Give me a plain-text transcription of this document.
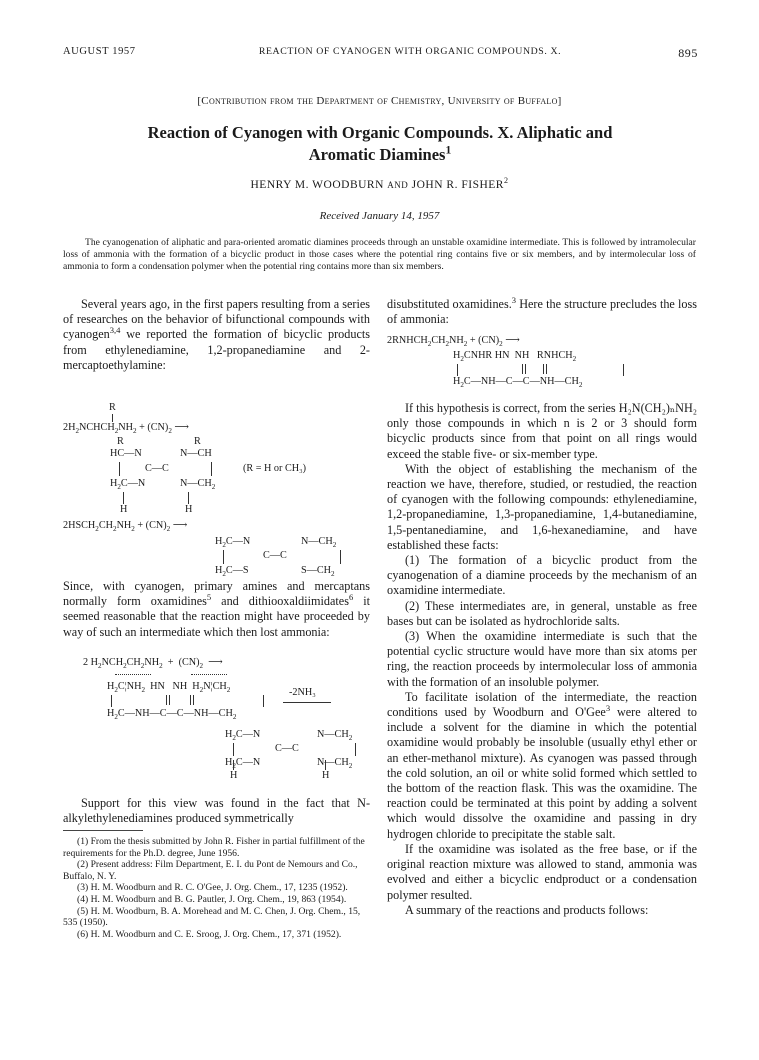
AUGUST 1957	REACTION OF CYANOGEN WITH ORGANIC COMPOUNDS. X.	895
[Contribution from the Department of Chemistry, University of Buffalo]
Reaction of Cyanogen with Organic Compounds. X. Aliphatic and
Aromatic Diamines$^1$
HENRY M. WOODBURN AND JOHN R. FISHER$^2$
Received January 14, 1957
The cyanogenation of aliphatic and para-oriented aromatic diamines proceeds through an unstable oxamidine intermediate. This is followed by intramolecular loss of ammonia with the formation of a bicyclic product in those cases where the potential ring contains five or six members, and by intermolecular loss of ammonia to form a condensation polymer when the potential ring contains more than six members.

Several years ago, in the first papers resulting from a series of researches on the behavior of bifunctional compounds with cyanogen$^{3,4}$ we reported the formation of bicyclic products from ethylenediamine, 1,2-propanediamine and 2-mercaptoethylamine:

R
$2H_2NCHCH_2NH_2 + (CN)_2$ ⟶
R	R
HC—N	N—CH
C—C
$H_2C—N$	$N—CH_2$
H	H
(R = H or CH₃)
$2HSCH_2CH_2NH_2 + (CN)_2$ ⟶
$H_2C—N$	$N—CH_2$
C—C
$H_2C—S$	$S—CH_2$

Since, with cyanogen, primary amines and mercaptans normally form oxamidines$^5$ and dithiooxaldiimidates$^6$ it seemed reasonable that the reaction might have proceeded by way of such an intermediate which then lost ammonia:

2 $H_2NCH_2CH_2NH_2 + (CN)_2$  ⟶
$H_2C¦NH_2$  HN   NH  $H_2N¦CH_2$	-2NH₃
$H_2C—NH—C—C—NH—CH_2$
$H_2C—N$	$N—CH_2$
C—C
$H_2C—N$	$N—CH_2$
H	H

Support for this view was found in the fact that N-alkylethylenediamines produced symmetrically

(1) From the thesis submitted by John R. Fisher in partial fulfillment of the requirements for the Ph.D. degree, June 1956.

(2) Present address: Film Department, E. I. du Pont de Nemours and Co., Buffalo, N. Y.

(3) H. M. Woodburn and R. C. O'Gee, J. Org. Chem., 17, 1235 (1952).

(4) H. M. Woodburn and B. G. Pautler, J. Org. Chem., 19, 863 (1954).

(5) H. M. Woodburn, B. A. Morehead and M. C. Chen, J. Org. Chem., 15, 535 (1950).

(6) H. M. Woodburn and C. E. Sroog, J. Org. Chem., 17, 371 (1952).

disubstituted oxamidines.$^3$ Here the structure precludes the loss of ammonia:

$2RNHCH_2CH_2NH_2 + (CN)_2$ ⟶
$H_2CNHR$ HN  NH   $RNHCH_2$
$H_2C—NH—C—C—NH—CH_2$

If this hypothesis is correct, from the series H₂N(CH₂)ₙNH₂ only those compounds in which n is 2 or 3 should form bicyclic products since from that point on all rings would exceed the stable five- or six-member type.

With the object of establishing the mechanism of the reaction we have, therefore, studied, or restudied, the reaction of cyanogen with the following compounds: ethylenediamine, 1,2-propanediamine, 1,3-propanediamine, 1,4-butanediamine, 1,5-pentanediamine, and 1,6-hexanediamine, and have established these facts:

(1) The formation of a bicyclic product from the cyanogenation of a diamine proceeds by the mechanism of an oxamidine intermediate.

(2) These intermediates are, in general, unstable as free bases but can be isolated as hydrochloride salts.

(3) When the oxamidine intermediate is such that the potential cyclic structure would have more than six atoms per ring, the reaction proceeds by intermolecular loss of ammonia with the formation of an insoluble polymer.

To facilitate isolation of the intermediate, the reaction conditions used by Woodburn and O'Gee$^3$ were altered to include a solvent for the diamine in which the potential oxamidine would probably be insoluble (usually ethyl ether or an ether-methanol mixture). As cyanogen was passed through the cold solution, an oil or white solid formed which settled to the bottom of the reaction flask. This was the oxamidine. The reaction could be terminated at this point by adding a solvent which would dissolve the oxamidine and passing in dry hydrogen chloride to precipitate the stable salt.

If the oxamidine was isolated as the free base, or if the original reaction mixture was allowed to stand, ammonia was evolved and either a bicyclic endproduct or a condensation polymer resulted.

A summary of the reactions and products follows:
